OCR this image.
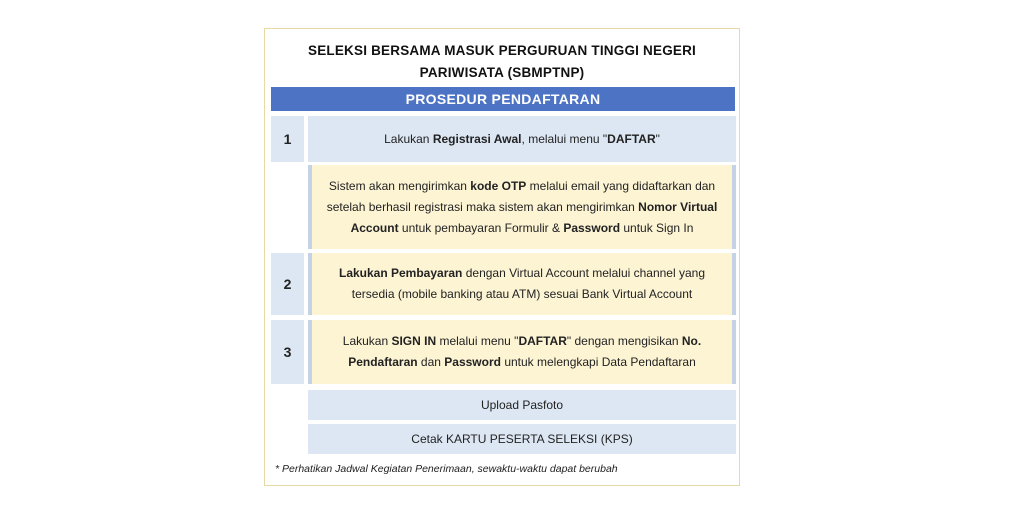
SELEKSI BERSAMA MASUK PERGURUAN TINGGI NEGERI
PARIWISATA (SBMPTNP)
PROSEDUR PENDAFTARAN
1	Lakukan Registrasi Awal, melalui menu "DAFTAR"

Sistem akan mengirimkan kode OTP melalui email yang didaftarkan dan setelah berhasil registrasi maka sistem akan mengirimkan Nomor Virtual Account untuk pembayaran Formulir & Password untuk Sign In

2

Lakukan Pembayaran dengan Virtual Account melalui channel yang tersedia (mobile banking atau ATM) sesuai Bank Virtual Account

3

Lakukan SIGN IN melalui menu "DAFTAR" dengan mengisikan No. Pendaftaran dan Password untuk melengkapi Data Pendaftaran

Upload Pasfoto

Cetak KARTU PESERTA SELEKSI (KPS)

* Perhatikan Jadwal Kegiatan Penerimaan, sewaktu-waktu dapat berubah
